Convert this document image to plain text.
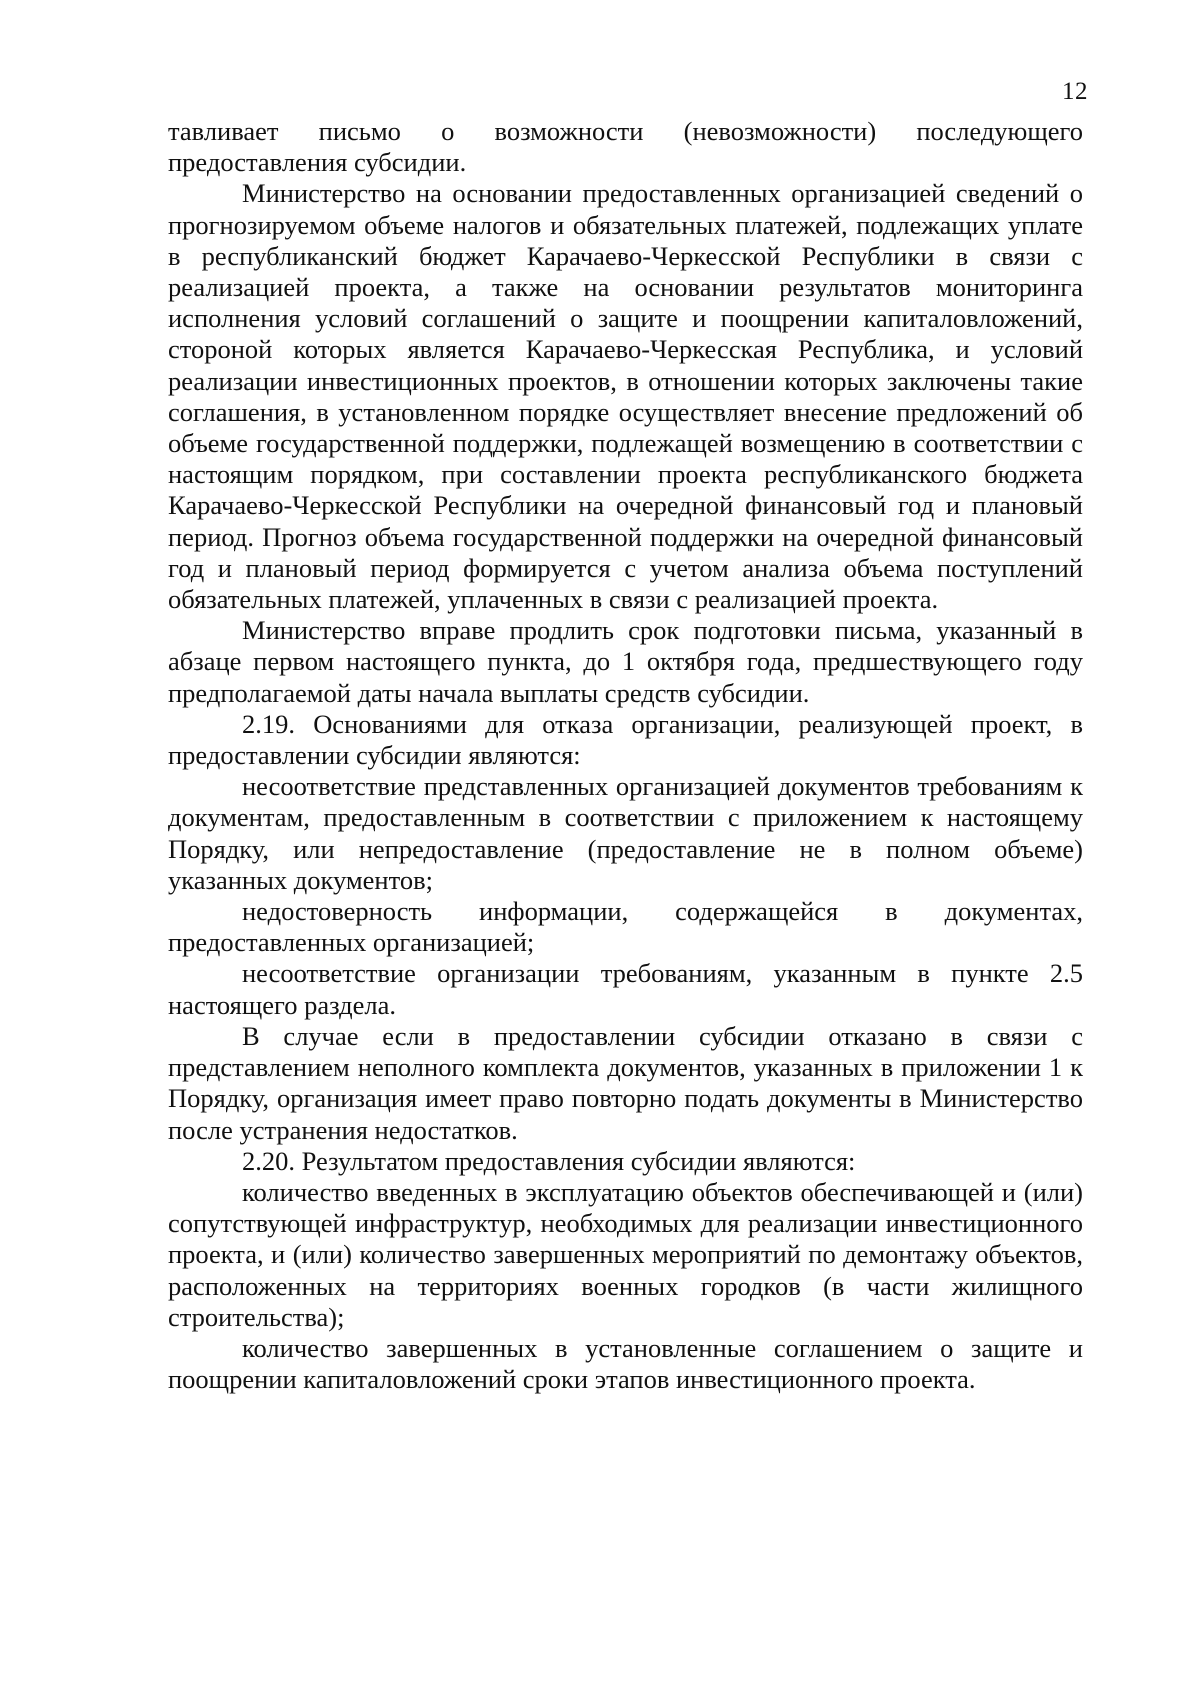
12

тавливает письмо о возможности (невозможности) последующего предоставления субсидии.

Министерство на основании предоставленных организацией сведений о прогнозируемом объеме налогов и обязательных платежей, подлежащих уплате в республиканский бюджет Карачаево-Черкесской Республики в связи с реализацией проекта, а также на основании результатов мониторинга исполнения условий соглашений о защите и поощрении капиталовложений, стороной которых является Карачаево-Черкесская Республика, и условий реализации инвестиционных проектов, в отношении которых заключены такие соглашения, в установленном порядке осуществляет внесение предложений об объеме государственной поддержки, подлежащей возмещению в соответствии с настоящим порядком, при составлении проекта республиканского бюджета Карачаево-Черкесской Республики на очередной финансовый год и плановый период. Прогноз объема государственной поддержки на очередной финансовый год и плановый период формируется с учетом анализа объема поступлений обязательных платежей, уплаченных в связи с реализацией проекта.

Министерство вправе продлить срок подготовки письма, указанный в абзаце первом настоящего пункта, до 1 октября года, предшествующего году предполагаемой даты начала выплаты средств субсидии.

2.19. Основаниями для отказа организации, реализующей проект, в предоставлении субсидии являются:

несоответствие представленных организацией документов требованиям к документам, предоставленным в соответствии с приложением к настоящему Порядку, или непредоставление (предоставление не в полном объеме) указанных документов;

недостоверность информации, содержащейся в документах, предоставленных организацией;

несоответствие организации требованиям, указанным в пункте 2.5 настоящего раздела.

В случае если в предоставлении субсидии отказано в связи с представлением неполного комплекта документов, указанных в приложении 1 к Порядку, организация имеет право повторно подать документы в Министерство после устранения недостатков.

2.20. Результатом предоставления субсидии являются:

количество введенных в эксплуатацию объектов обеспечивающей и (или) сопутствующей инфраструктур, необходимых для реализации инвестиционного проекта, и (или) количество завершенных мероприятий по демонтажу объектов, расположенных на территориях военных городков (в части жилищного строительства);

количество завершенных в установленные соглашением о защите и поощрении капиталовложений сроки этапов инвестиционного проекта.
